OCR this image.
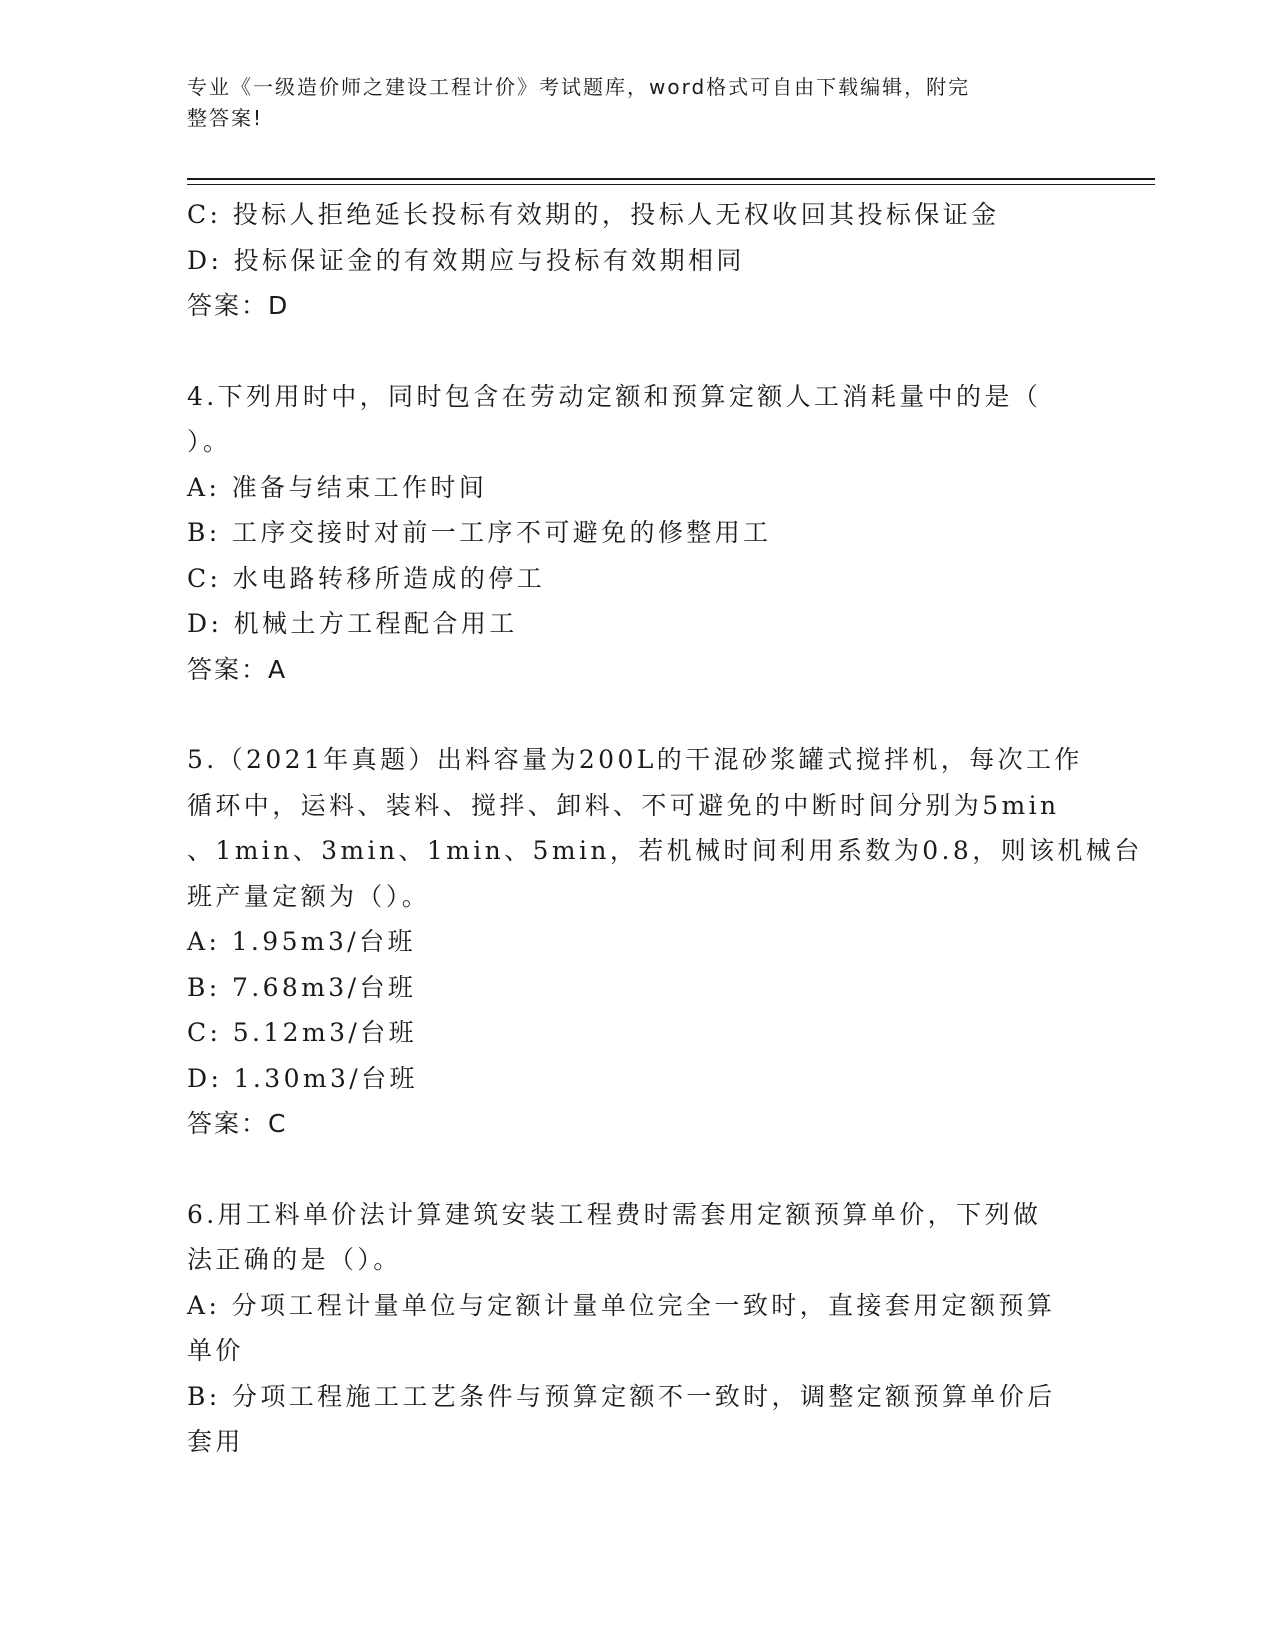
专业《一级造价师之建设工程计价》考试题库，word格式可自由下载编辑，附完
整答案!
C: 投标人拒绝延长投标有效期的，投标人无权收回其投标保证金
D: 投标保证金的有效期应与投标有效期相同
答案：D
4.下列用时中，同时包含在劳动定额和预算定额人工消耗量中的是（
）。
A: 准备与结束工作时间
B: 工序交接时对前一工序不可避免的修整用工
C: 水电路转移所造成的停工
D: 机械土方工程配合用工
答案：A
5.（2021年真题）出料容量为200L的干混砂浆罐式搅拌机，每次工作
循环中，运料、装料、搅拌、卸料、不可避免的中断时间分别为5min
、1min、3min、1min、5min，若机械时间利用系数为0.8，则该机械台
班产量定额为（）。
A: 1.95m3/台班
B: 7.68m3/台班
C: 5.12m3/台班
D: 1.30m3/台班
答案：C
6.用工料单价法计算建筑安装工程费时需套用定额预算单价，下列做
法正确的是（）。
A: 分项工程计量单位与定额计量单位完全一致时，直接套用定额预算
单价
B: 分项工程施工工艺条件与预算定额不一致时，调整定额预算单价后
套用
